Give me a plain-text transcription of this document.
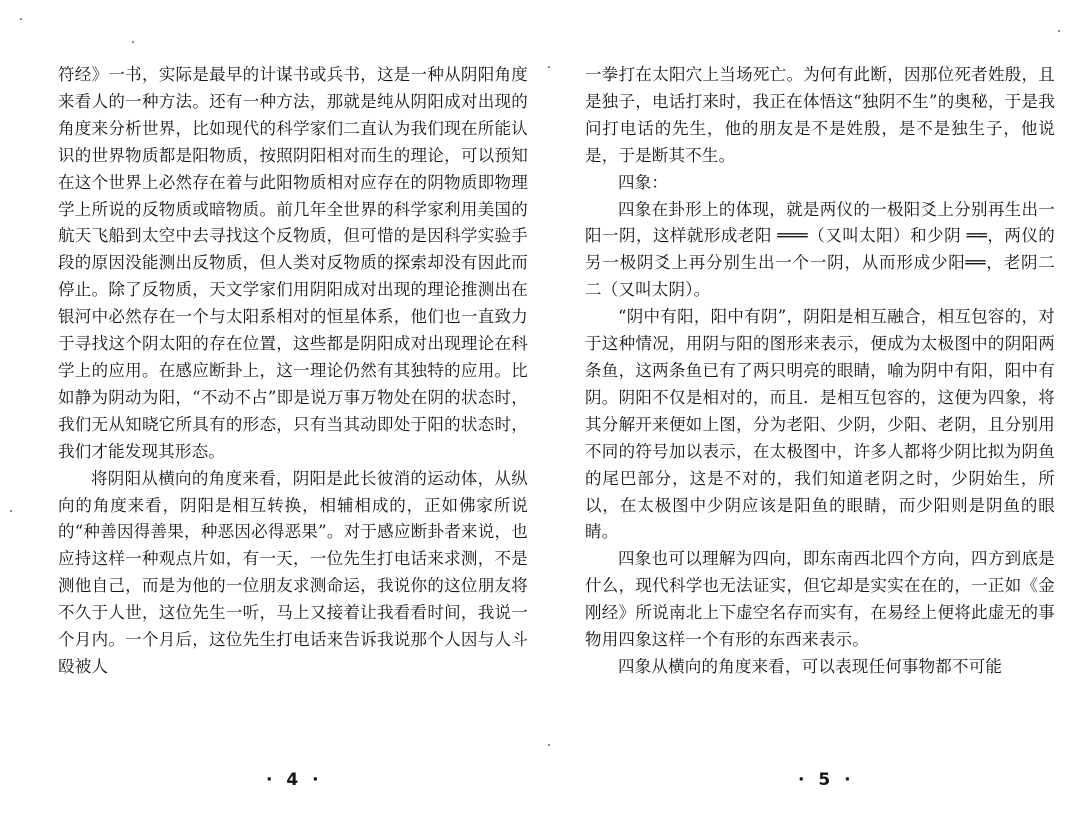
符经》一书，实际是最早的计谋书或兵书，这是一种从阴阳角度来看人的一种方法。还有一种方法，那就是纯从阴阳成对出现的角度来分析世界，比如现代的科学家们二直认为我们现在所能认识的世界物质都是阳物质，按照阴阳相对而生的理论，可以预知在这个世界上必然存在着与此阳物质相对应存在的阴物质即物理学上所说的反物质或暗物质。前几年全世界的科学家利用美国的航天飞船到太空中去寻找这个反物质，但可惜的是因科学实验手段的原因没能测出反物质，但人类对反物质的探索却没有因此而停止。除了反物质，天文学家们用阴阳成对出现的理论推测出在银河中必然存在一个与太阳系相对的恒星体系，他们也一直致力于寻找这个阴太阳的存在位置，这些都是阴阳成对出现理论在科学上的应用。在感应断卦上，这一理论仍然有其独特的应用。比如静为阴动为阳，“不动不占”即是说万事万物处在阴的状态时，我们无从知晓它所具有的形态，只有当其动即处于阳的状态时，我们才能发现其形态。

将阴阳从横向的角度来看，阴阳是此长彼消的运动体，从纵向的角度来看，阴阳是相互转换，相辅相成的，正如佛家所说的“种善因得善果，种恶因必得恶果”。对于感应断卦者来说，也应持这样一种观点片如，有一天，一位先生打电话来求测，不是测他自己，而是为他的一位朋友求测命运，我说你的这位朋友将不久于人世，这位先生一听，马上又接着让我看看时间，我说一个月内。一个月后，这位先生打电话来告诉我说那个人因与人斗殴被人

一拳打在太阳穴上当场死亡。为何有此断，因那位死者姓殷，且是独子，电话打来时，我正在体悟这“独阴不生”的奥秘，于是我问打电话的先生，他的朋友是不是姓殷，是不是独生子，他说是，于是断其不生。

四象：

四象在卦形上的体现，就是两仪的一极阳爻上分别再生出一阳一阴，这样就形成老阳 ═══（又叫太阳）和少阴 ══，两仪的另一极阴爻上再分别生出一个一阴，从而形成少阳══，老阴二二（又叫太阴）。

“阴中有阳，阳中有阴”，阴阳是相互融合，相互包容的，对于这种情况，用阴与阳的图形来表示，便成为太极图中的阴阳两条鱼，这两条鱼已有了两只明亮的眼睛，喻为阴中有阳，阳中有阴。阴阳不仅是相对的，而且．是相互包容的，这便为四象，将其分解开来便如上图，分为老阳、少阴，少阳、老阴，且分别用不同的符号加以表示，在太极图中，许多人都将少阴比拟为阴鱼的尾巴部分，这是不对的，我们知道老阴之时，少阴始生，所以，在太极图中少阴应该是阳鱼的眼睛，而少阳则是阴鱼的眼睛。

四象也可以理解为四向，即东南西北四个方向，四方到底是什么，现代科学也无法证实，但它却是实实在在的，一正如《金刚经》所说南北上下虚空名存而实有，在易经上便将此虚无的事物用四象这样一个有形的东西来表示。

四象从横向的角度来看，可以表现任何事物都不可能

· 4 ·	· 5 ·
